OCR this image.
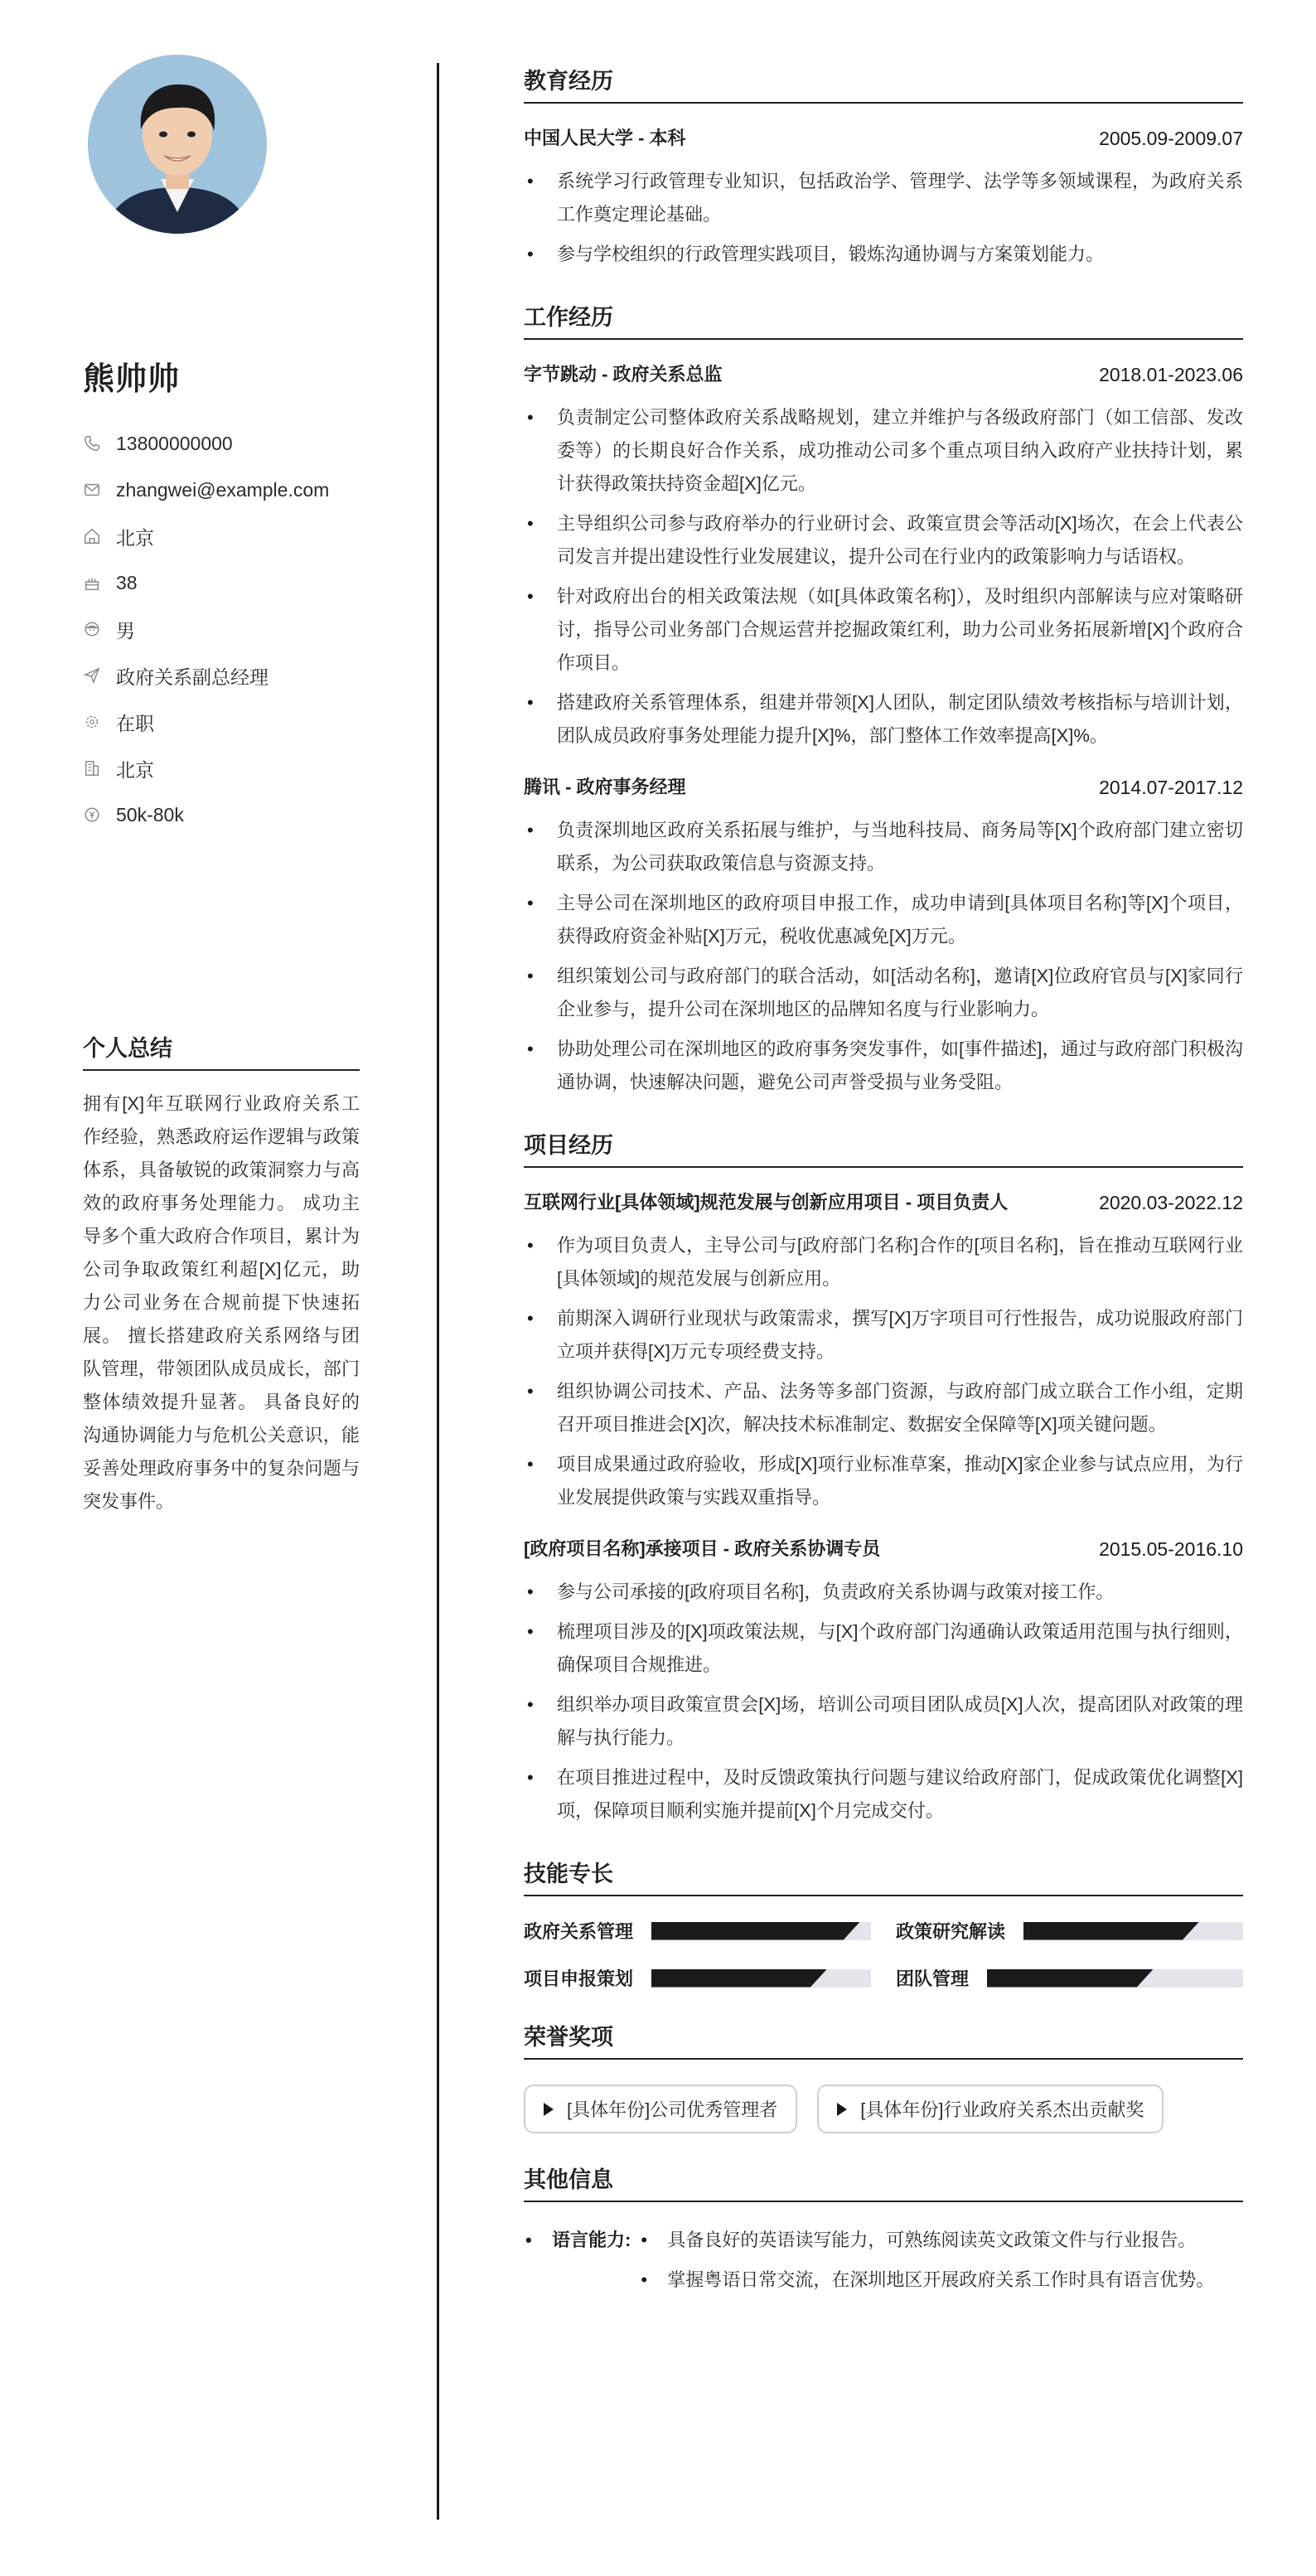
熊帅帅
13800000000
zhangwei@example.com
北京
38
男
政府关系副总经理
在职
北京
50k-80k
个人总结
拥有[X]年互联网行业政府关系工作经验，熟悉政府运作逻辑与政策体系，具备敏锐的政策洞察力与高效的政府事务处理能力。 成功主导多个重大政府合作项目，累计为公司争取政策红利超[X]亿元，助力公司业务在合规前提下快速拓展。 擅长搭建政府关系网络与团队管理，带领团队成员成长，部门整体绩效提升显著。 具备良好的沟通协调能力与危机公关意识，能妥善处理政府事务中的复杂问题与突发事件。
教育经历
中国人民大学 - 本科	2005.09-2009.07
• 系统学习行政管理专业知识，包括政治学、管理学、法学等多领域课程，为政府关系工作奠定理论基础。
• 参与学校组织的行政管理实践项目，锻炼沟通协调与方案策划能力。
工作经历
字节跳动 - 政府关系总监	2018.01-2023.06
• 负责制定公司整体政府关系战略规划，建立并维护与各级政府部门（如工信部、发改委等）的长期良好合作关系，成功推动公司多个重点项目纳入政府产业扶持计划，累计获得政策扶持资金超[X]亿元。
• 主导组织公司参与政府举办的行业研讨会、政策宣贯会等活动[X]场次，在会上代表公司发言并提出建设性行业发展建议，提升公司在行业内的政策影响力与话语权。
• 针对政府出台的相关政策法规（如[具体政策名称]），及时组织内部解读与应对策略研讨，指导公司业务部门合规运营并挖掘政策红利，助力公司业务拓展新增[X]个政府合作项目。
• 搭建政府关系管理体系，组建并带领[X]人团队，制定团队绩效考核指标与培训计划，团队成员政府事务处理能力提升[X]%，部门整体工作效率提高[X]%。
腾讯 - 政府事务经理	2014.07-2017.12
• 负责深圳地区政府关系拓展与维护，与当地科技局、商务局等[X]个政府部门建立密切联系，为公司获取政策信息与资源支持。
• 主导公司在深圳地区的政府项目申报工作，成功申请到[具体项目名称]等[X]个项目，获得政府资金补贴[X]万元，税收优惠减免[X]万元。
• 组织策划公司与政府部门的联合活动，如[活动名称]，邀请[X]位政府官员与[X]家同行企业参与，提升公司在深圳地区的品牌知名度与行业影响力。
• 协助处理公司在深圳地区的政府事务突发事件，如[事件描述]，通过与政府部门积极沟通协调，快速解决问题，避免公司声誉受损与业务受阻。
项目经历
互联网行业[具体领域]规范发展与创新应用项目 - 项目负责人	2020.03-2022.12
• 作为项目负责人，主导公司与[政府部门名称]合作的[项目名称]，旨在推动互联网行业[具体领域]的规范发展与创新应用。
• 前期深入调研行业现状与政策需求，撰写[X]万字项目可行性报告，成功说服政府部门立项并获得[X]万元专项经费支持。
• 组织协调公司技术、产品、法务等多部门资源，与政府部门成立联合工作小组，定期召开项目推进会[X]次，解决技术标准制定、数据安全保障等[X]项关键问题。
• 项目成果通过政府验收，形成[X]项行业标准草案，推动[X]家企业参与试点应用，为行业发展提供政策与实践双重指导。
[政府项目名称]承接项目 - 政府关系协调专员	2015.05-2016.10
• 参与公司承接的[政府项目名称]，负责政府关系协调与政策对接工作。
• 梳理项目涉及的[X]项政策法规，与[X]个政府部门沟通确认政策适用范围与执行细则，确保项目合规推进。
• 组织举办项目政策宣贯会[X]场，培训公司项目团队成员[X]人次，提高团队对政策的理解与执行能力。
• 在项目推进过程中，及时反馈政策执行问题与建议给政府部门，促成政策优化调整[X]项，保障项目顺利实施并提前[X]个月完成交付。
技能专长
政府关系管理	政策研究解读
项目申报策划	团队管理
荣誉奖项
[具体年份]公司优秀管理者	[具体年份]行业政府关系杰出贡献奖
其他信息
• 语言能力:
•	具备良好的英语读写能力，可熟练阅读英文政策文件与行业报告。
• 掌握粤语日常交流，在深圳地区开展政府关系工作时具有语言优势。
